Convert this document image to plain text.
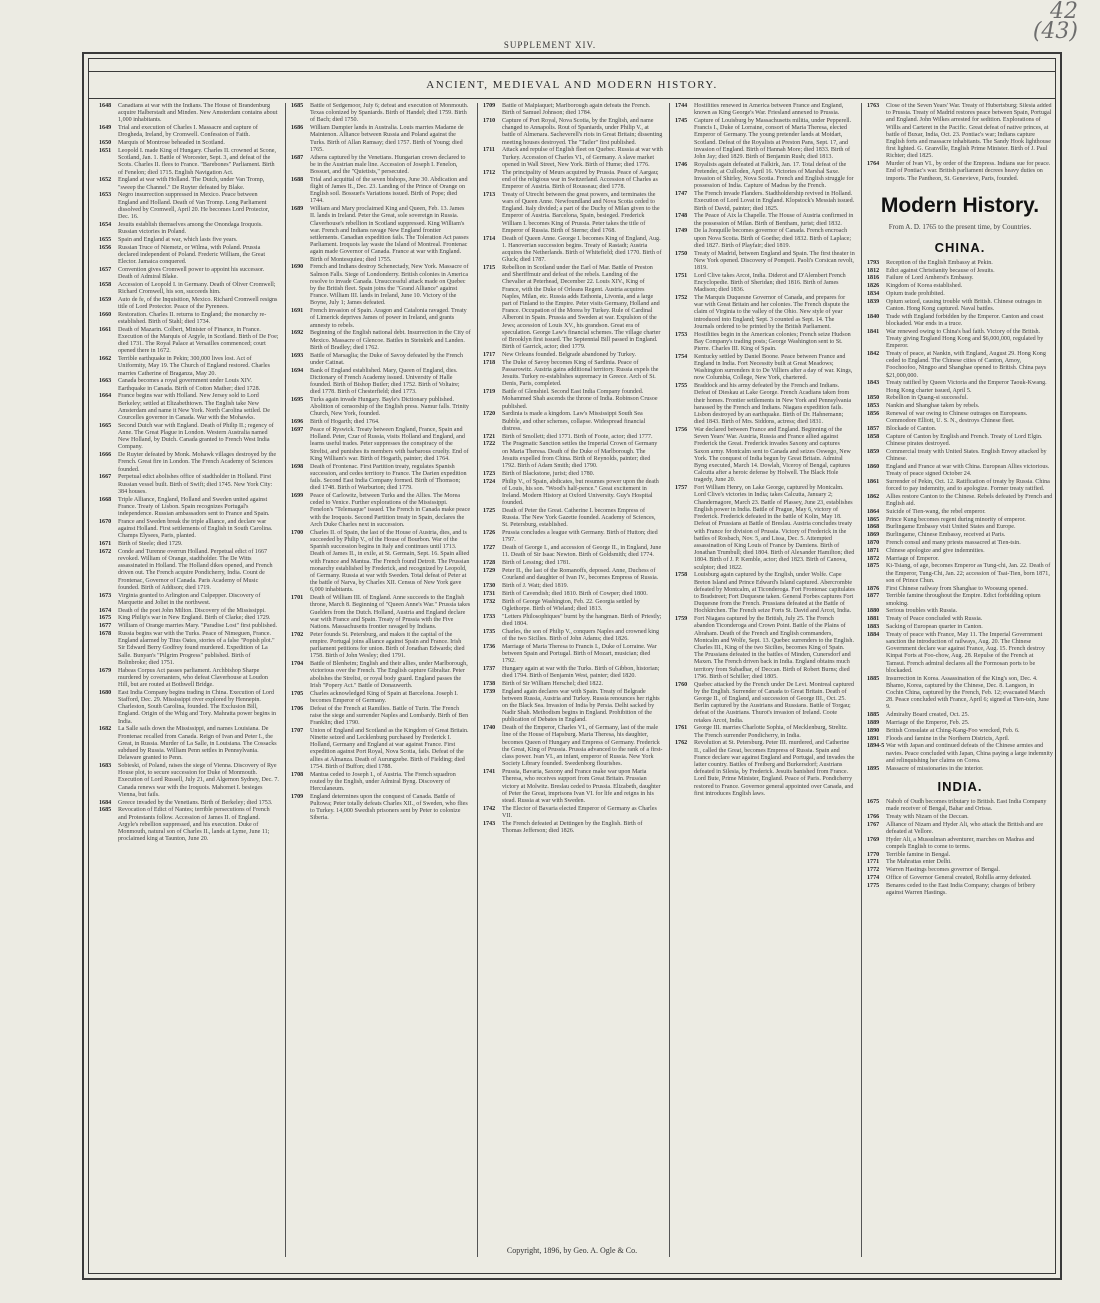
42
(43)
SUPPLEMENT XIV.
ANCIENT, MEDIEVAL AND MODERN HISTORY.
1648	Canadians at war with the Indians. The House of Brandenburg acquire Halberstadt and Minden. New Amsterdam contains about 1,000 inhabitants.
1649	Trial and execution of Charles I. Massacre and capture of Drogheda, Ireland, by Cromwell. Confession of Faith.
1650	Marquis of Montrose beheaded in Scotland.
1651	Leopold I. made King of Hungary. Charles II. crowned at Scone, Scotland, Jan. 1. Battle of Worcester, Sept. 3, and defeat of the Scots. Charles II. flees to France. "Barebones" Parliament. Birth of Fenelon; died 1715. English Navigation Act.
1652	England at war with Holland. The Dutch, under Van Tromp, "sweep the Channel." De Ruyter defeated by Blake.
1653	Negro insurrection suppressed in Mexico. Peace between England and Holland. Death of Van Tromp. Long Parliament dissolved by Cromwell, April 20. He becomes Lord Protector, Dec. 16.
1654	Jesuits establish themselves among the Onondaga Iroquois. Russian victories in Poland.
1655	Spain and England at war, which lasts five years.
1656	Russian Truce of Niemetz, or Wilma, with Poland. Prussia declared independent of Poland. Frederic William, the Great Elector. Jamaica conquered.
1657	Convention gives Cromwell power to appoint his successor. Death of Admiral Blake.
1658	Accession of Leopold I. in Germany. Death of Oliver Cromwell; Richard Cromwell, his son, succeeds him.
1659	Auto de fe, of the Inquisition, Mexico. Richard Cromwell resigns title of Lord Protector. Peace of the Pyrenees.
1660	Restoration. Charles II. returns to England; the monarchy re-established. Birth of Stahl; died 1734.
1661	Death of Mazarin. Colbert, Minister of Finance, in France. Execution of the Marquis of Argyle, in Scotland. Birth of De Foe; died 1731. The Royal Palace at Versailles commenced; court opened there in 1672.
1662	Terrible earthquake in Pekin; 300,000 lives lost. Act of Uniformity, May 19. The Church of England restored. Charles marries Catherine of Braganza, May 20.
1663	Canada becomes a royal government under Louis XIV. Earthquake in Canada. Birth of Cotton Mather; died 1728.
1664	France begins war with Holland. New Jersey sold to Lord Berkeley; settled at Elizabethtown. The English take New Amsterdam and name it New York. North Carolina settled. De Courcelles governor in Canada. War with the Mohawks.
1665	Second Dutch war with England. Death of Philip II.; regency of Anne. The Great Plague in London. Western Australia named New Holland, by Dutch. Canada granted to French West India Company.
1666	De Ruyter defeated by Monk. Mohawk villages destroyed by the French. Great fire in London. The French Academy of Sciences founded.
1667	Perpetual edict abolishes office of stadtholder in Holland. First Russian vessel built. Birth of Swift; died 1745. New York City: 384 houses.
1668	Triple Alliance, England, Holland and Sweden united against France. Treaty of Lisbon. Spain recognizes Portugal's independence. Russian ambassadors sent to France and Spain.
1670	France and Sweden break the triple alliance, and declare war against Holland. First settlements of English in South Carolina. Champs Elysees, Paris, planted.
1671	Birth of Steele; died 1729.
1672	Conde and Turenne overrun Holland. Perpetual edict of 1667 revoked. William of Orange, stadtholder. The De Witts assassinated in Holland. The Holland dikes opened, and French driven out. The French acquire Pondicherry, India. Count de Frontenac, Governor of Canada. Paris Academy of Music founded. Birth of Addison; died 1719.
1673	Virginia granted to Arlington and Culpepper. Discovery of Marquette and Joliet in the northwest.
1674	Death of the poet John Milton. Discovery of the Mississippi.
1675	King Philip's war in New England. Birth of Clarke; died 1729.
1677	William of Orange marries Mary. "Paradise Lost" first published.
1678	Russia begins war with the Turks. Peace of Nimeguen, France. England alarmed by Titus Oates, stories of a false "Popish plot." Sir Edward Berry Godfrey found murdered. Expedition of La Salle. Bunyan's "Pilgrim Progress" published. Birth of Bolinbroke; died 1751.
1679	Habeas Corpus Act passes parliament. Archbishop Sharpe murdered by covenanters, who defeat Claverhouse at Loudon Hill, but are routed at Bothwell Bridge.
1680	East India Company begins trading in China. Execution of Lord Stafford, Dec. 29. Mississippi river explored by Hennepin. Charleston, South Carolina, founded. The Exclusion Bill, England. Origin of the Whig and Tory. Mahratta power begins in India.
1682	La Salle sails down the Mississippi, and names Louisiana. De Frontenac recalled from Canada. Reign of Ivan and Peter I., the Great, in Russia. Murder of La Salle, in Louisiana. The Cossacks subdued by Russia. William Penn settles in Pennsylvania. Delaware granted to Penn.
1683	Sobieski, of Poland, raises the siege of Vienna. Discovery of Rye House plot, to secure succession for Duke of Monmouth. Execution of Lord Russell, July 21, and Algernon Sydney, Dec. 7. Canada renews war with the Iroquois. Mahomet I. besieges Vienna, but fails.
1684	Greece invaded by the Venetians. Birth of Berkeley; died 1753.
1685	Revocation of Edict of Nantes; terrible persecutions of French and Protestants follow. Accession of James II. of England. Argyle's rebellion suppressed, and his execution. Duke of Monmouth, natural son of Charles II., lands at Lyme, June 11; proclaimed king at Taunton, June 20.
1685	Battle of Sedgemoor, July 6; defeat and execution of Monmouth. Texas colonized by Spaniards. Birth of Handel; died 1759. Birth of Bach; died 1750.
1686	William Dampier lands in Australia. Louis marries Madame de Maintenon. Alliance between Russia and Poland against the Turks. Birth of Allan Ramsay; died 1757. Birth of Young; died 1765.
1687	Athens captured by the Venetians. Hungarian crown declared to be in the Austrian male line. Accession of Joseph I. Fenelon, Bossuet, and the "Quietists," persecuted.
1688	Trial and acquittal of the seven bishops, June 30. Abdication and flight of James II., Dec. 23. Landing of the Prince of Orange on English soil. Bossuet's Variations issued. Birth of Pope; died 1744.
1689	William and Mary proclaimed King and Queen, Feb. 13. James II. lands in Ireland. Peter the Great, sole sovereign in Russia. Claverhouse's rebellion in Scotland suppressed. King William's war. French and Indians ravage New England frontier settlements. Canadian expedition fails. The Toleration Act passes Parliament. Iroquois lay waste the Island of Montreal. Frontenac again made Governor of Canada. France at war with England. Birth of Montesquieu; died 1755.
1690	French and Indians destroy Schenectady, New York. Massacre of Salmon Falls. Siege of Londonderry. British colonies in America resolve to invade Canada. Unsuccessful attack made on Quebec by the British fleet. Spain joins the "Grand Alliance" against France. William III. lands in Ireland, June 10. Victory of the Boyne, July 1; James defeated.
1691	French invasion of Spain. Aragon and Catalonia ravaged. Treaty of Limerick deprives James of power in Ireland, and grants amnesty to rebels.
1692	Beginning of the English national debt. Insurrection in the City of Mexico. Massacre of Glencoe. Battles in Steinkirk and Landen. Birth of Bradley; died 1762.
1693	Battle of Marsaglia; the Duke of Savoy defeated by the French under Catinat.
1694	Bank of England established. Mary, Queen of England, dies. Dictionary of French Academy issued. University of Halle founded. Birth of Bishop Butler; died 1752. Birth of Voltaire; died 1778. Birth of Chesterfield; died 1773.
1695	Turks again invade Hungary. Bayle's Dictionary published. Abolition of censorship of the English press. Namur falls. Trinity Church, New York, founded.
1696	Birth of Hogarth; died 1764.
1697	Peace of Ryswick. Treaty between England, France, Spain and Holland. Peter, Czar of Russia, visits Holland and England, and learns useful trades. Peter suppresses the conspiracy of the Streltsi, and punishes its members with barbarous cruelty. End of King William's war. Birth of Hogarth, painter; died 1764.
1698	Death of Frontenac. First Partition treaty, regulates Spanish succession, and cedes territory to France. The Darien expedition fails. Second East India Company formed. Birth of Thomson; died 1748. Birth of Warburton; died 1779.
1699	Peace of Carlowitz, between Turks and the Allies. The Morea ceded to Venice. Further explorations of the Mississippi. Fenelon's "Telemaque" issued. The French in Canada make peace with the Iroquois. Second Partition treaty in Spain, declares the Arch Duke Charles next in succession.
1700	Charles II. of Spain, the last of the House of Austria, dies, and is succeeded by Philip V., of the House of Bourbon. War of the Spanish succession begins in Italy and continues until 1713. Death of James II., in exile, at St. Germain, Sept. 16. Spain allied with France and Mantua. The French found Detroit. The Prussian monarchy established by Frederick, and recognized by Leopold, of Germany. Russia at war with Sweden. Total defeat of Peter at the battle of Narva, by Charles XII. Census of New York gave 6,000 inhabitants.
1701	Death of William III. of England. Anne succeeds to the English throne, March 8. Beginning of "Queen Anne's War." Prussia takes Guelders from the Dutch. Holland, Austria and England declare war with France and Spain. Treaty of Prussia with the Five Nations. Massachusetts frontier ravaged by Indians.
1702	Peter founds St. Petersburg, and makes it the capital of the empire. Portugal joins alliance against Spain and France. Irish parliament petitions for union. Birth of Jonathan Edwards; died 1758. Birth of John Wesley; died 1791.
1704	Battle of Blenheim; English and their allies, under Marlborough, victorious over the French. The English capture Gibraltar. Peter abolishes the Streltsi, or royal body guard. England passes the Irish "Popery Act." Battle of Donauwerth.
1705	Charles acknowledged King of Spain at Barcelona. Joseph I. becomes Emperor of Germany.
1706	Defeat of the French at Ramilies. Battle of Turin. The French raise the siege and surrender Naples and Lombardy. Birth of Ben Franklin; died 1790.
1707	Union of England and Scotland as the Kingdom of Great Britain. Ninette seized and Lecklenburg purchased by Frederick I. Holland, Germany and England at war against France. First expedition against Port Royal, Nova Scotia, fails. Defeat of the allies at Almanza. Death of Aurungzebe. Birth of Fielding; died 1754. Birth of Buffon; died 1788.
1708	Mantua ceded to Joseph I., of Austria. The French squadron routed by the English, under Admiral Byng. Discovery of Herculaneum.
1709	England determines upon the conquest of Canada. Battle of Pultowa; Peter totally defeats Charles XII., of Sweden, who flies to Turkey. 14,000 Swedish prisoners sent by Peter to colonize Siberia.
1709	Battle of Malplaquet; Marlborough again defeats the French. Birth of Samuel Johnson; died 1784.
1710	Capture of Port Royal, Nova Scotia, by the English, and name changed to Annapolis. Rout of Spaniards, under Philip V., at battle of Almenara. Sacheverell's riots in Great Britain; dissenting meeting houses destroyed. The "Tatler" first published.
1711	Attack and repulse of English fleet on Quebec. Russia at war with Turkey. Accession of Charles VI., of Germany. A slave market opened in Wall Street, New York. Birth of Hume; died 1776.
1712	The principality of Meurs acquired by Prussia. Peace of Aargau; end of the religious war in Switzerland. Accession of Charles as Emperor of Austria. Birth of Rousseau; died 1778.
1713	Treaty of Utrecht between the great powers, and terminates the wars of Queen Anne. Newfoundland and Nova Scotia ceded to England. Italy divided; a part of the Duchy of Milan given to the Emperor of Austria. Barcelona, Spain, besieged. Frederick William I. becomes King of Prussia. Peter takes the title of Emperor of Russia. Birth of Sterne; died 1768.
1714	Death of Queen Anne. George I. becomes King of England, Aug. 1. Hanoverian succession begins. Treaty of Rastadt; Austria acquires the Netherlands. Birth of Whitefield; died 1770. Birth of Gluck; died 1787.
1715	Rebellion in Scotland under the Earl of Mar. Battle of Preston and Sheriffmuir and defeat of the rebels. Landing of the Chevalier at Peterhead, December 22. Louis XIV., King of France, with the Duke of Orleans Regent. Austria acquires Naples, Milan, etc. Russia adds Esthonia, Livonia, and a large part of Finland to the Empire. Peter visits Germany, Holland and France. Occupation of the Morea by Turkey. Rule of Cardinal Alberoni in Spain. Prussia and Sweden at war. Expulsion of the Jews; accession of Louis XV., his grandson. Great era of speculation. George Law's financial schemes. The village charter of Brooklyn first issued. The Septennial Bill passed in England. Birth of Garrick, actor; died 1779.
1717	New Orleans founded. Belgrade abandoned by Turkey.
1718	The Duke of Savoy becomes King of Sardinia. Peace of Passarowitz. Austria gains additional territory. Russia expels the Jesuits. Turkey re-establishes supremacy in Greece. Arch of St. Denis, Paris, completed.
1719	Battle of Glenshiel. Second East India Company founded. Mohammed Shah ascends the throne of India. Robinson Crusoe published.
1720	Sardinia is made a kingdom. Law's Mississippi South Sea Bubble, and other schemes, collapse. Widespread financial distress.
1721	Birth of Smollett; died 1771. Birth of Foote, actor; died 1777.
1722	The Pragmatic Sanction settles the Imperial Crown of Germany on Maria Theresa. Death of the Duke of Marlborough. The Jesuits expelled from China. Birth of Reynolds, painter; died 1792. Birth of Adam Smith; died 1790.
1723	Birth of Blackstone, jurist; died 1780.
1724	Philip V., of Spain, abdicates, but resumes power upon the death of Louis, his son. "Wood's half-pence." Great excitement in Ireland. Modern History at Oxford University. Guy's Hospital founded.
1725	Death of Peter the Great. Catherine I. becomes Empress of Russia. The New York Gazette founded. Academy of Sciences, St. Petersburg, established.
1726	Prussia concludes a league with Germany. Birth of Hutton; died 1797.
1727	Death of George I., and accession of George II., in England, June 11. Death of Sir Isaac Newton. Birth of Goldsmith; died 1774.
1728	Birth of Lessing; died 1781.
1729	Peter II., the last of the Romanoffs, deposed. Anne, Duchess of Courland and daughter of Ivan IV., becomes Empress of Russia.
1730	Birth of J. Watt; died 1819.
1731	Birth of Cavendish; died 1810. Birth of Cowper; died 1800.
1732	Birth of George Washington, Feb. 22. Georgia settled by Oglethorpe. Birth of Wieland; died 1813.
1733	"Letters Philosophiques" burnt by the hangman. Birth of Priestly; died 1804.
1735	Charles, the son of Philip V., conquers Naples and crowned king of the two Sicilies. Birth of John Adams; died 1826.
1736	Marriage of Maria Theresa to Francis I., Duke of Lorraine. War between Spain and Portugal. Birth of Mozart, musician; died 1792.
1737	Hungary again at war with the Turks. Birth of Gibbon, historian; died 1794. Birth of Benjamin West, painter; died 1820.
1738	Birth of Sir William Herschel; died 1822.
1739	England again declares war with Spain. Treaty of Belgrade between Russia, Austria and Turkey. Russia renounces her rights on the Black Sea. Invasion of India by Persia. Delhi sacked by Nadir Shah. Methodism begins in England. Prohibition of the publication of Debates in England.
1740	Death of the Emperor, Charles VI., of Germany, last of the male line of the House of Hapsburg. Maria Theresa, his daughter, becomes Queen of Hungary and Empress of Germany. Frederick the Great, King of Prussia. Prussia advanced to the rank of a first-class power. Ivan VI., an infant, emperor of Russia. New York Society Library founded. Swedenborg flourishes.
1741	Prussia, Bavaria, Saxony and France make war upon Maria Theresa, who receives support from Great Britain. Prussian victory at Molwitz. Breslau ceded to Prussia. Elizabeth, daughter of Peter the Great, imprisons Ivan VI. for life and reigns in his stead. Russia at war with Sweden.
1742	The Elector of Bavaria elected Emperor of Germany as Charles VII.
1743	The French defeated at Dettingen by the English. Birth of Thomas Jefferson; died 1826.
1744	Hostilities renewed in America between France and England, known as King George's War. Friesland annexed to Prussia.
1745	Capture of Louisburg by Massachusetts militia, under Pepperell. Francis I., Duke of Lorraine, consort of Maria Theresa, elected Emperor of Germany. The young pretender lands at Moidart, Scotland. Defeat of the Royalists at Preston Pans, Sept. 17, and invasion of England. Birth of Hannah More; died 1833. Birth of John Jay; died 1829. Birth of Benjamin Rush; died 1813.
1746	Royalists again defeated at Falkirk, Jan. 17. Total defeat of the Pretender, at Culloden, April 16. Victories of Marshal Saxe. Invasion of Shirley, Nova Scotia. French and English struggle for possession of India. Capture of Madras by the French.
1747	The French invade Flanders. Stadtholdership revived in Holland. Execution of Lord Lovat in England. Klopstock's Messiah issued. Birth of David, painter; died 1825.
1748	The Peace of Aix la Chapelle. The House of Austria confirmed in the possession of Milan. Birth of Bentham, jurist; died 1832.
1749	De la Jonquille becomes governor of Canada. French encroach upon Nova Scotia. Birth of Goethe; died 1832. Birth of Laplace; died 1827. Birth of Playfair; died 1819.
1750	Treaty of Madrid, between England and Spain. The first theater in New York opened. Discovery of Pompeii. Paoli's Corsican revolt, 1819.
1751	Lord Clive takes Arcot, India. Diderot and D'Alembert French Encyclopedie. Birth of Sheridan; died 1816. Birth of James Madison; died 1836.
1752	The Marquis Duquesne Governor of Canada, and prepares for war with Great Britain and her colonies. The French dispute the claim of Virginia to the valley of the Ohio. New style of year introduced into England; Sept. 3 counted as Sept. 14. The Journals ordered to be printed by the British Parliament.
1753	Hostilities begin in the American colonies; French seize Hudson Bay Company's trading posts; George Washington sent to St. Pierre. Charles III. King of Spain.
1754	Kentucky settled by Daniel Boone. Peace between France and England in India. Fort Necessity built at Great Meadows; Washington surrenders it to De Villiers after a day of war. Kings, now Columbia, College, New York, chartered.
1755	Braddock and his army defeated by the French and Indians. Defeat of Dieskau at Lake George. French Acadians taken from their homes. Frontier settlements in New York and Pennsylvania harassed by the French and Indians. Niagara expedition fails. Lisbon destroyed by an earthquake. Birth of Dr. Hahnemann; died 1843. Birth of Mrs. Siddons, actress; died 1831.
1756	War declared between France and England. Beginning of the Seven Years' War. Austria, Russia and France allied against Frederick the Great. Frederick invades Saxony and captures Saxon army. Montcalm sent to Canada and seizes Oswego, New York. The conquest of India begun by Great Britain. Admiral Byng executed, March 14. Dowlah, Viceroy of Bengal, captures Calcutta after a heroic defense by Holwell. The Black Hole tragedy, June 20.
1757	Fort William Henry, on Lake George, captured by Montcalm. Lord Clive's victories in India; takes Calcutta, January 2; Chandernagore, March 23. Battle of Plassey, June 23, establishes English power in India. Battle of Prague, May 6, victory of Frederick. Frederick defeated in the battle of Kolin, May 18. Defeat of Prussians at Battle of Breslau. Austria concludes treaty with France for division of Prussia. Victory of Frederick in the battles of Rosbach, Nov. 5, and Lissa, Dec. 5. Attempted assassination of King Louis of France by Damiens. Birth of Jonathan Trumbull; died 1804. Birth of Alexander Hamilton; died 1804. Birth of J. P. Kemble, actor; died 1823. Birth of Canova, sculptor; died 1822.
1758	Louisburg again captured by the English, under Wolfe. Cape Breton Island and Prince Edward's Island captured. Abercrombie defeated by Montcalm, at Ticonderoga. Fort Frontenac capitulates to Bradstreet; Fort Duquesne taken. General Forbes captures Fort Duquesne from the French. Prussians defeated at the Battle of Hochkirchen. The French seize Forts St. David and Arcot, India.
1759	Fort Niagara captured by the British, July 25. The French abandon Ticonderoga and Crown Point. Battle of the Plains of Abraham. Death of the French and English commanders, Montcalm and Wolfe, Sept. 13. Quebec surrenders to the English. Charles III., King of the two Sicilies, becomes King of Spain. The Prussians defeated in the battles of Minden, Cunersdorf and Maxen. The French driven back in India. England obtains much territory from Subadhar, of Deccan. Birth of Robert Burns; died 1796. Birth of Schiller; died 1805.
1760	Quebec attacked by the French under De Levi. Montreal captured by the English. Surrender of Canada to Great Britain. Death of George II., of England, and succession of George III., Oct. 25. Berlin captured by the Austrians and Russians. Battle of Torgau; defeat of the Austrians. Thurot's invasion of Ireland. Coote retakes Arcot, India.
1761	George III. marries Charlotte Sophia, of Mecklenburg, Strelitz. The French surrender Pondicherry, in India.
1762	Revolution at St. Petersburg. Peter III. murdered, and Catherine II., called the Great, becomes Empress of Russia. Spain and France declare war against England and Portugal, and invades the latter country. Battles of Freiberg and Burkersdorf; Austrians defeated in Silesia, by Frederick. Jesuits banished from France. Lord Bute, Prime Minister, England. Peace of Paris. Pondicherry restored to France. Governor general appointed over Canada, and first introduces English laws.
1763	Close of the Seven Years' War. Treaty of Hubertsburg; Silesia added to Prussia. Treaty of Madrid restores peace between Spain, Portugal and England. John Wilkes arrested for sedition. Explorations of Willis and Carteret in the Pacific. Great defeat of native princes, at battle of Buxar, India, Oct. 23. Pontiac's war; Indians capture English forts and massacre inhabitants. The Sandy Hook lighthouse first lighted. G. Granville, English Prime Minister. Birth of J. Paul Richter; died 1825.
1764	Murder of Ivan VI., by order of the Empress. Indians sue for peace. End of Pontiac's war. British parliament decrees heavy duties on imports. The Pantheon, St. Genevieve, Paris, founded.
Modern History.
From A. D. 1765 to the present time, by Countries.
CHINA.
1793	Reception of the English Embassy at Pekin.
1812	Edict against Christianity because of Jesuits.
1816	Failure of Lord Amherst's Embassy.
1826	Kingdom of Korea established.
1834	Opium trade prohibited.
1839	Opium seized, causing trouble with British. Chinese outrages in Canton. Hong Kong captured. Naval battles.
1840	Trade with England forbidden by the Emperor. Canton and coast blockaded. War ends in a truce.
1841	War renewed owing to China's bad faith. Victory of the British. Treaty giving England Hong Kong and $6,000,000, regulated by Emperor.
1842	Treaty of peace, at Nankin, with England, August 29. Hong Kong ceded to England. The Chinese cities of Canton, Amoy, Foochoofoo, Ningpo and Shanghae opened to British. China pays $21,000,000.
1843	Treaty ratified by Queen Victoria and the Emperor Taouk-Kwang. Hong Kong charter issued, April 5.
1850	Rebellion in Quang-si successful.
1853	Nankin and Shanghae taken by rebels.
1856	Renewal of war owing to Chinese outrages on Europeans. Commodore Elliott, U. S. N., destroys Chinese fleet.
1857	Blockade of Canton.
1858	Capture of Canton by English and French. Treaty of Lord Elgin. Chinese pirates destroyed.
1859	Commercial treaty with United States. English Envoy attacked by Chinese.
1860	England and France at war with China. European Allies victorious. Treaty of peace signed October 24.
1861	Surrender of Pekin, Oct. 12. Ratification of treaty by Russia. China forced to pay indemnity, and to apologize. Former treaty ratified.
1862	Allies restore Canton to the Chinese. Rebels defeated by French and English aid.
1864	Suicide of Tien-wang, the rebel emperor.
1865	Prince Kung becomes regent during minority of emperor.
1868	Burlingame Embassy visit United States and Europe.
1869	Burlingame, Chinese Embassy, received at Paris.
1870	French consul and many priests massacred at Tien-tsin.
1871	Chinese apologize and give indemnities.
1872	Marriage of Emperor.
1875	Ki-Tsiang, of age, becomes Emperor as Tung-chi, Jan. 22. Death of the Emperor, Tung-Chi, Jan. 22; accession of Tsai-Tien, born 1871, son of Prince Chun.
1876	First Chinese railway from Shanghae to Woosung opened.
1877	Terrible famine throughout the Empire. Edict forbidding opium smoking.
1880	Serious troubles with Russia.
1881	Treaty of Peace concluded with Russia.
1883	Sacking of European quarter in Canton.
1884	Treaty of peace with France, May 11. The Imperial Government sanction the introduction of railways, Aug. 20. The Chinese Government declare war against France, Aug. 15. French destroy Kinpai Forts at Foo-chow, Aug. 28. Repulse of the French at Tamsui. French admiral declares all the Formosan ports to be blockaded.
1885	Insurrection in Korea. Assassination of the King's son, Dec. 4. Bhamo, Korea, captured by the Chinese, Dec. 8. Langson, in Cochin China, captured by the French, Feb. 12; evacuated March 28. Peace concluded with France, April 6; signed at Tien-tsin, June 9.
1885	Admiralty Board created, Oct. 25.
1889	Marriage of the Emperor, Feb. 25.
1890	British Consulate at Ching-Kang-Foo wrecked, Feb. 6.
1891	Floods and famine in the Northern Districts, April.
1894-5 War with Japan and continued defeats of the Chinese armies and navies. Peace concluded with Japan, China paying a large indemnity and relinquishing her claims on Corea.
1895	Massacre of missionaries in the interior.
INDIA.
1675	Nabob of Oudh becomes tributary to British. East India Company made receiver of Bengal, Bahar and Orissa.
1766	Treaty with Nizam of the Deccan.
1767	Alliance of Nizam and Hyder Ali, who attack the British and are defeated at Vellore.
1769	Hyder Ali, a Mussulman adventurer, marches on Madras and compels English to come to terms.
1770	Terrible famine in Bengal.
1771	The Mahrattas enter Delhi.
1772	Warren Hastings becomes governor of Bengal.
1774	Office of Governor General created, Rohilla army defeated.
1775	Benares ceded to the East India Company; charges of bribery against Warren Hastings.
Copyright, 1896, by Geo. A. Ogle & Co.
